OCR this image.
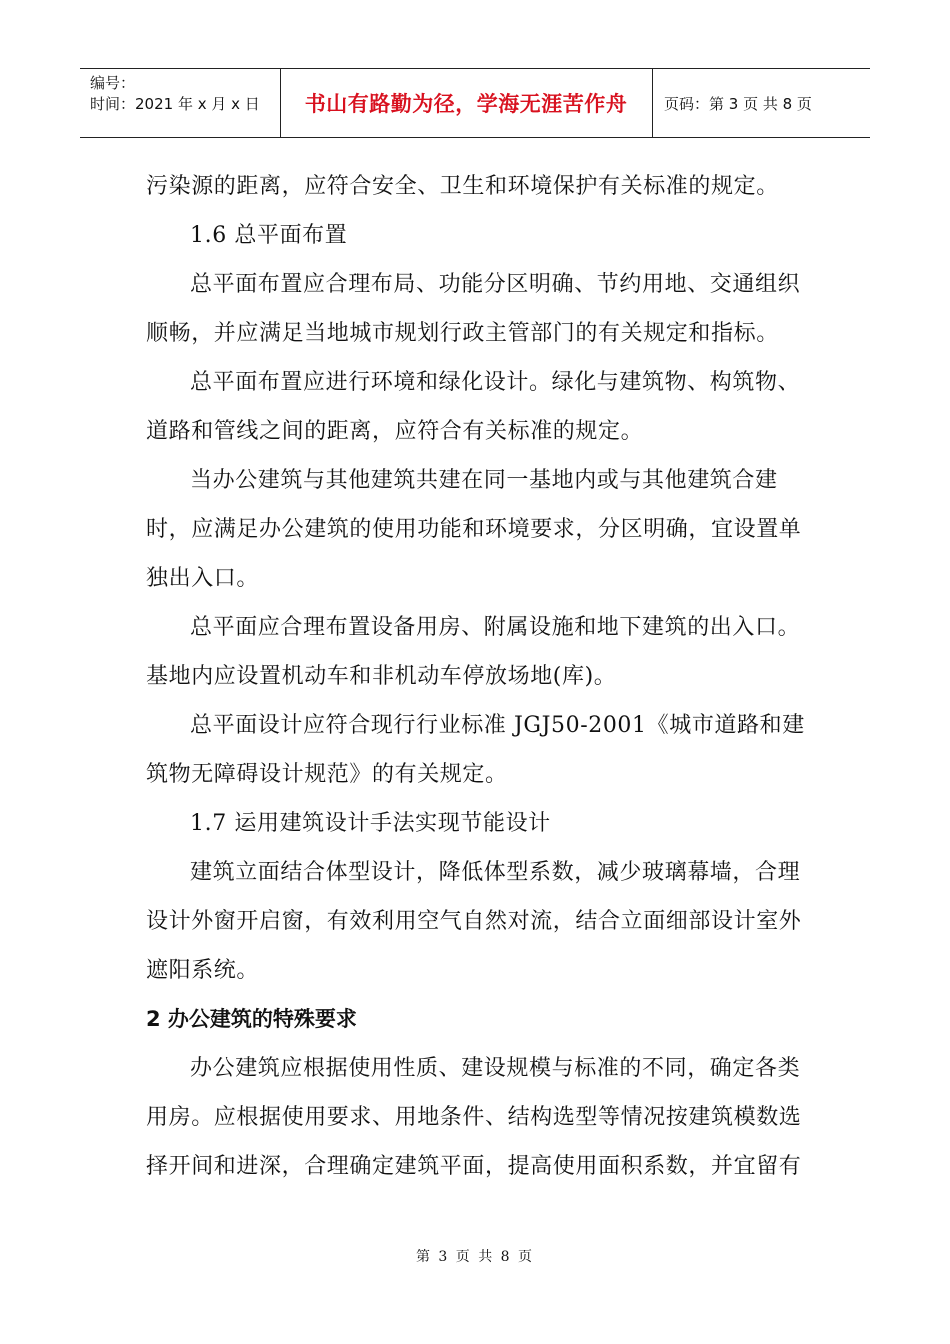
编号：
时间：2021 年 x 月 x 日	书山有路勤为径，学海无涯苦作舟	页码：第 3 页 共 8 页

污染源的距离，应符合安全、卫生和环境保护有关标准的规定。

1.6 总平面布置

总平面布置应合理布局、功能分区明确、节约用地、交通组织顺畅，并应满足当地城市规划行政主管部门的有关规定和指标。

总平面布置应进行环境和绿化设计。绿化与建筑物、构筑物、道路和管线之间的距离，应符合有关标准的规定。

当办公建筑与其他建筑共建在同一基地内或与其他建筑合建时，应满足办公建筑的使用功能和环境要求，分区明确，宜设置单独出入口。

总平面应合理布置设备用房、附属设施和地下建筑的出入口。基地内应设置机动车和非机动车停放场地(库)。

总平面设计应符合现行行业标准 JGJ50-2001《城市道路和建筑物无障碍设计规范》的有关规定。

1.7 运用建筑设计手法实现节能设计

建筑立面结合体型设计，降低体型系数，减少玻璃幕墙，合理设计外窗开启窗，有效利用空气自然对流，结合立面细部设计室外遮阳系统。

2 办公建筑的特殊要求

办公建筑应根据使用性质、建设规模与标准的不同，确定各类用房。应根据使用要求、用地条件、结构选型等情况按建筑模数选择开间和进深，合理确定建筑平面，提高使用面积系数，并宜留有

第 3 页 共 8 页
